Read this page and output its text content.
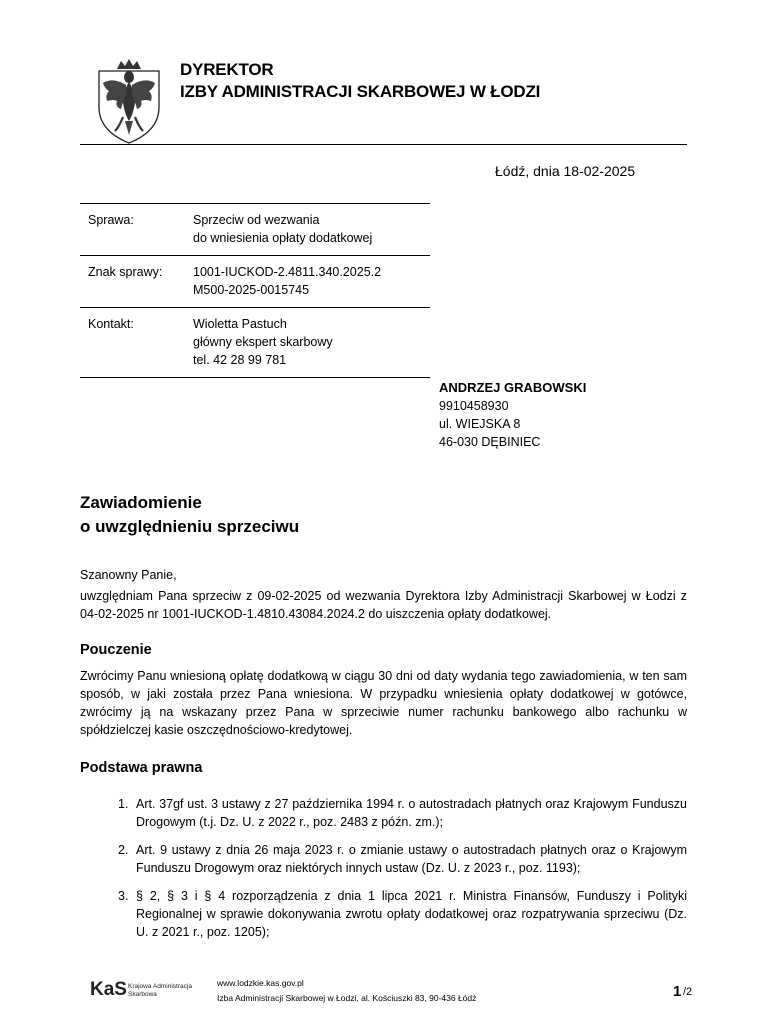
DYREKTOR
IZBY ADMINISTRACJI SKARBOWEJ W ŁODZI
Łódź, dnia 18-02-2025
Sprawa:	Sprzeciw od wezwania
do wniesienia opłaty dodatkowej
Znak sprawy:	1001-IUCKOD-2.4811.340.2025.2
M500-2025-0015745
Kontakt:	Wioletta Pastuch
główny ekspert skarbowy
tel. 42 28 99 781
ANDRZEJ GRABOWSKI
9910458930
ul. WIEJSKA 8
46-030 DĘBINIEC
Zawiadomienie
o uwzględnieniu sprzeciwu
Szanowny Panie,
uwzględniam Pana sprzeciw z 09-02-2025 od wezwania Dyrektora Izby Administracji Skarbowej w Łodzi z 04-02-2025 nr 1001-IUCKOD-1.4810.43084.2024.2 do uiszczenia opłaty dodatkowej.
Pouczenie
Zwrócimy Panu wniesioną opłatę dodatkową w ciągu 30 dni od daty wydania tego zawiadomienia, w ten sam sposób, w jaki została przez Pana wniesiona. W przypadku wniesienia opłaty dodatkowej w gotówce, zwrócimy ją na wskazany przez Pana w sprzeciwie numer rachunku bankowego albo rachunku w spółdzielczej kasie oszczędnościowo-kredytowej.
Podstawa prawna
1. Art. 37gf ust. 3 ustawy z 27 października 1994 r. o autostradach płatnych oraz Krajowym Funduszu Drogowym (t.j. Dz. U. z 2022 r., poz. 2483 z późn. zm.);
2. Art. 9 ustawy z dnia 26 maja 2023 r. o zmianie ustawy o autostradach płatnych oraz o Krajowym Funduszu Drogowym oraz niektórych innych ustaw (Dz. U. z 2023 r., poz. 1193);
3. § 2, § 3 i § 4 rozporządzenia z dnia 1 lipca 2021 r. Ministra Finansów, Funduszy i Polityki Regionalnej w sprawie dokonywania zwrotu opłaty dodatkowej oraz rozpatrywania sprzeciwu (Dz. U. z 2021 r., poz. 1205);
KaS Krajowa Administracja
Skarbowa
www.lodzkie.kas.gov.pl
Izba Administracji Skarbowej w Łodzi, al. Kościuszki 83, 90-436 Łódź	1 /2
